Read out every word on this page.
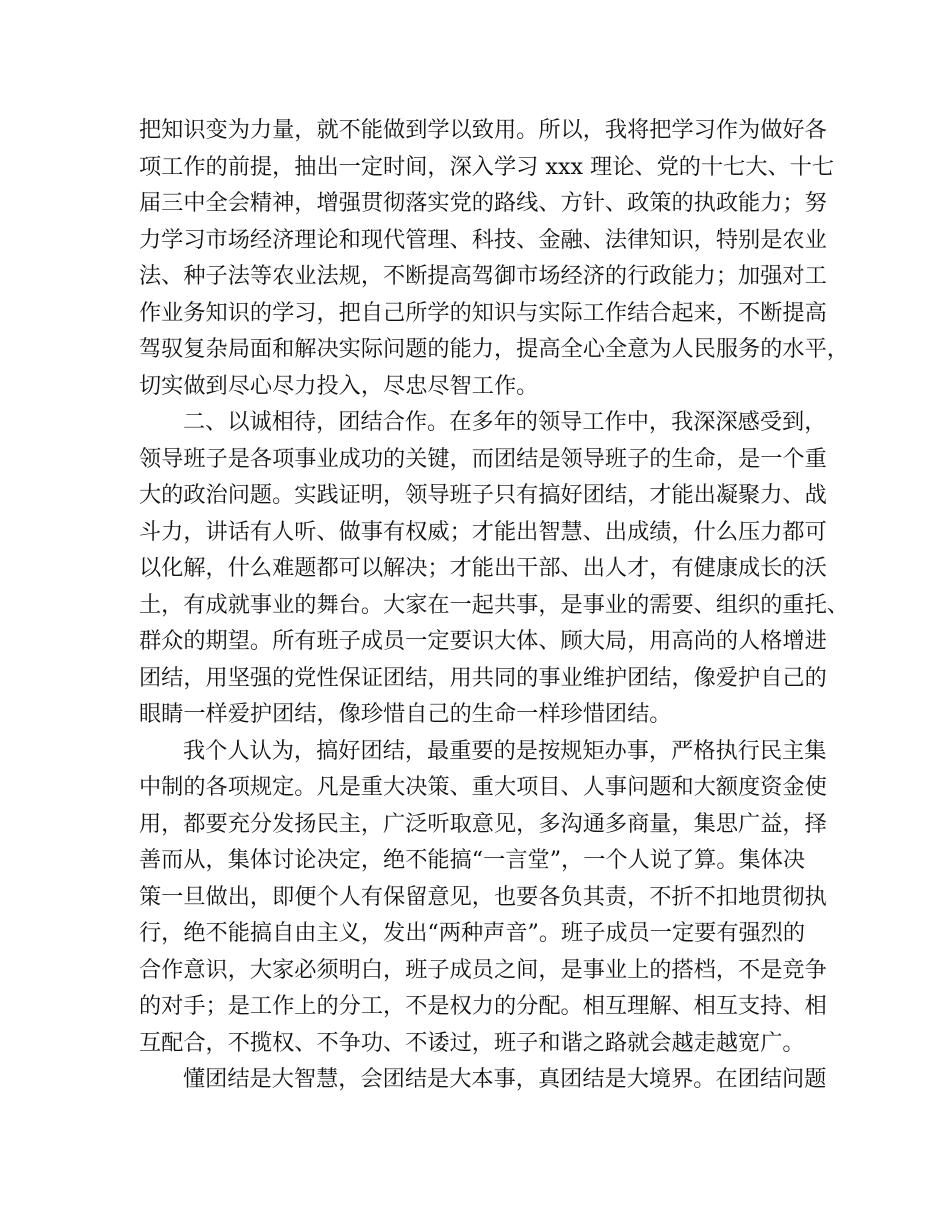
把知识变为力量，就不能做到学以致用。所以，我将把学习作为做好各
项工作的前提，抽出一定时间，深入学习 xxx 理论、党的十七大、十七
届三中全会精神，增强贯彻落实党的路线、方针、政策的执政能力；努
力学习市场经济理论和现代管理、科技、金融、法律知识，特别是农业
法、种子法等农业法规，不断提高驾御市场经济的行政能力；加强对工
作业务知识的学习，把自己所学的知识与实际工作结合起来，不断提高
驾驭复杂局面和解决实际问题的能力，提高全心全意为人民服务的水平，
切实做到尽心尽力投入，尽忠尽智工作。
二、以诚相待，团结合作。在多年的领导工作中，我深深感受到，
领导班子是各项事业成功的关键，而团结是领导班子的生命，是一个重
大的政治问题。实践证明，领导班子只有搞好团结，才能出凝聚力、战
斗力，讲话有人听、做事有权威；才能出智慧、出成绩，什么压力都可
以化解，什么难题都可以解决；才能出干部、出人才，有健康成长的沃
土，有成就事业的舞台。大家在一起共事，是事业的需要、组织的重托、
群众的期望。所有班子成员一定要识大体、顾大局，用高尚的人格增进
团结，用坚强的党性保证团结，用共同的事业维护团结，像爱护自己的
眼睛一样爱护团结，像珍惜自己的生命一样珍惜团结。
我个人认为，搞好团结，最重要的是按规矩办事，严格执行民主集
中制的各项规定。凡是重大决策、重大项目、人事问题和大额度资金使
用，都要充分发扬民主，广泛听取意见，多沟通多商量，集思广益，择
善而从，集体讨论决定，绝不能搞“一言堂”，一个人说了算。集体决
策一旦做出，即便个人有保留意见，也要各负其责，不折不扣地贯彻执
行，绝不能搞自由主义，发出“两种声音”。班子成员一定要有强烈的
合作意识，大家必须明白，班子成员之间，是事业上的搭档，不是竞争
的对手；是工作上的分工，不是权力的分配。相互理解、相互支持、相
互配合，不揽权、不争功、不诿过，班子和谐之路就会越走越宽广。
懂团结是大智慧，会团结是大本事，真团结是大境界。在团结问题
